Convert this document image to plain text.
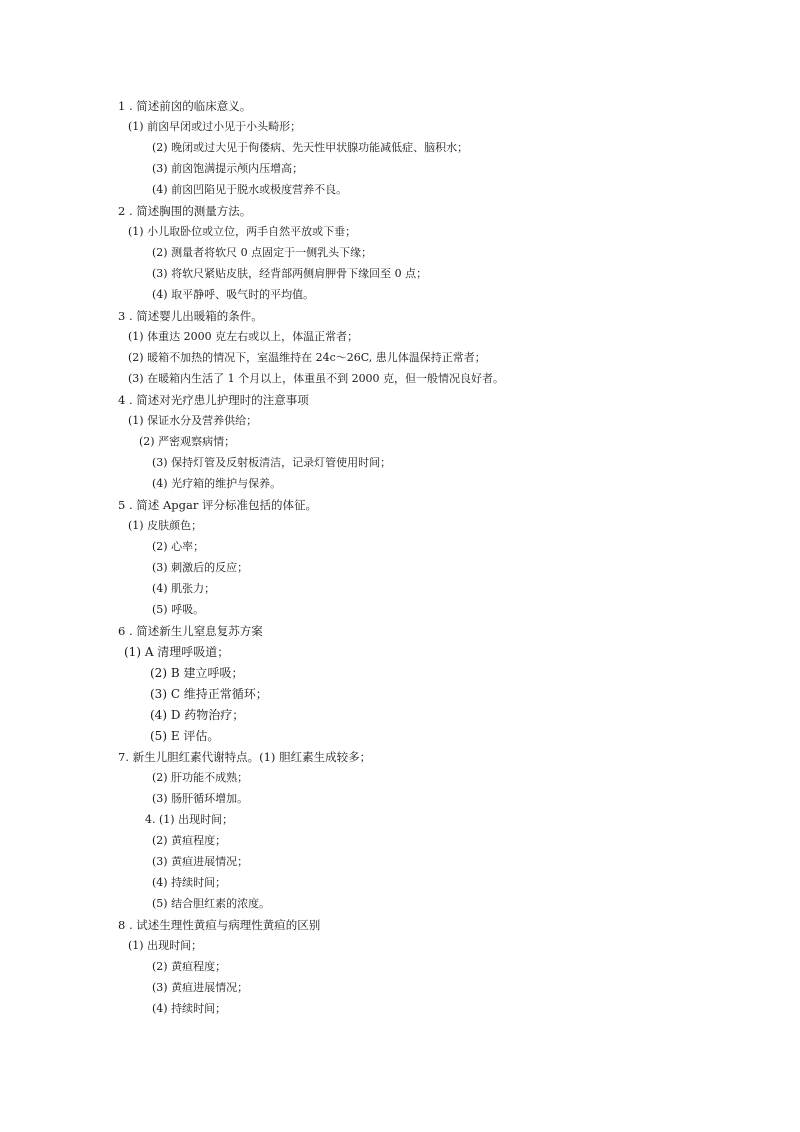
1 . 简述前囟的临床意义。
(1) 前囟早闭或过小见于小头畸形；
(2) 晚闭或过大见于佝偻病、先天性甲状腺功能减低症、脑积水；
(3) 前囟饱满提示颅内压增高；
(4) 前囟凹陷见于脱水或极度营养不良。
2 . 简述胸围的测量方法。
(1) 小儿取卧位或立位，两手自然平放或下垂；
(2) 测量者将软尺 0 点固定于一侧乳头下缘；
(3) 将软尺紧贴皮肤，经背部两侧肩胛骨下缘回至 0 点；
(4) 取平静呼、吸气时的平均值。
3 . 简述婴儿出暖箱的条件。
(1) 体重达 2000 克左右或以上，体温正常者；
(2) 暖箱不加热的情况下，室温维持在 24c～26C, 患儿体温保持正常者；
(3) 在暖箱内生活了 1 个月以上，体重虽不到 2000 克，但一般情况良好者。
4 . 简述对光疗患儿护理时的注意事项
(1) 保证水分及营养供给；
(2) 严密观察病情；
(3) 保持灯管及反射板清洁，记录灯管使用时间；
(4) 光疗箱的维护与保养。
5 . 简述 Apgar 评分标准包括的体征。
(1) 皮肤颜色；
(2) 心率；
(3) 刺激后的反应；
(4) 肌张力；
(5) 呼吸。
6 . 简述新生儿窒息复苏方案
(1) A 清理呼吸道；
(2) B 建立呼吸；
(3) C 维持正常循环；
(4) D 药物治疗；
(5) E 评估。
7. 新生儿胆红素代谢特点。(1) 胆红素生成较多；
(2) 肝功能不成熟；
(3) 肠肝循环增加。
4. (1) 出现时间；
(2) 黄疸程度；
(3) 黄疸进展情况；
(4) 持续时间；
(5) 结合胆红素的浓度。
8 . 试述生理性黄疸与病理性黄疸的区别
(1) 出现时间；
(2) 黄疸程度；
(3) 黄疸进展情况；
(4) 持续时间；
